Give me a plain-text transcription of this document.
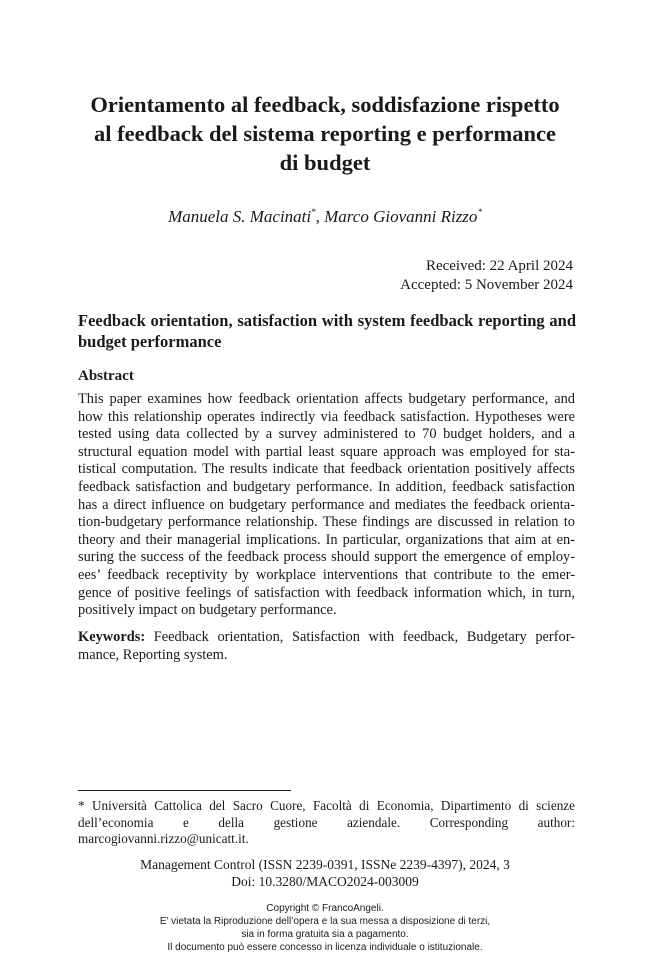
Orientamento al feedback, soddisfazione rispetto
al feedback del sistema reporting e performance
di budget
Manuela S. Macinati*, Marco Giovanni Rizzo*
Received: 22 April 2024
Accepted: 5 November 2024
Feedback orientation, satisfaction with system feedback reporting and
budget performance
Abstract
This paper examines how feedback orientation affects budgetary performance, and
how this relationship operates indirectly via feedback satisfaction. Hypotheses were
tested using data collected by a survey administered to 70 budget holders, and a
structural equation model with partial least square approach was employed for sta-
tistical computation. The results indicate that feedback orientation positively affects
feedback satisfaction and budgetary performance. In addition, feedback satisfaction
has a direct influence on budgetary performance and mediates the feedback orienta-
tion-budgetary performance relationship. These findings are discussed in relation to
theory and their managerial implications. In particular, organizations that aim at en-
suring the success of the feedback process should support the emergence of employ-
ees’ feedback receptivity by workplace interventions that contribute to the emer-
gence of positive feelings of satisfaction with feedback information which, in turn,
positively impact on budgetary performance.
Keywords: Feedback orientation, Satisfaction with feedback, Budgetary perfor-
mance, Reporting system.
* Università Cattolica del Sacro Cuore, Facoltà di Economia, Dipartimento di scienze
dell’economia e della gestione aziendale. Corresponding author:
marcogiovanni.rizzo@unicatt.it.
Management Control (ISSN 2239-0391, ISSNe 2239-4397), 2024, 3
Doi: 10.3280/MACO2024-003009
Copyright © FrancoAngeli.
E’ vietata la Riproduzione dell’opera e la sua messa a disposizione di terzi,
sia in forma gratuita sia a pagamento.
Il documento può essere concesso in licenza individuale o istituzionale.
